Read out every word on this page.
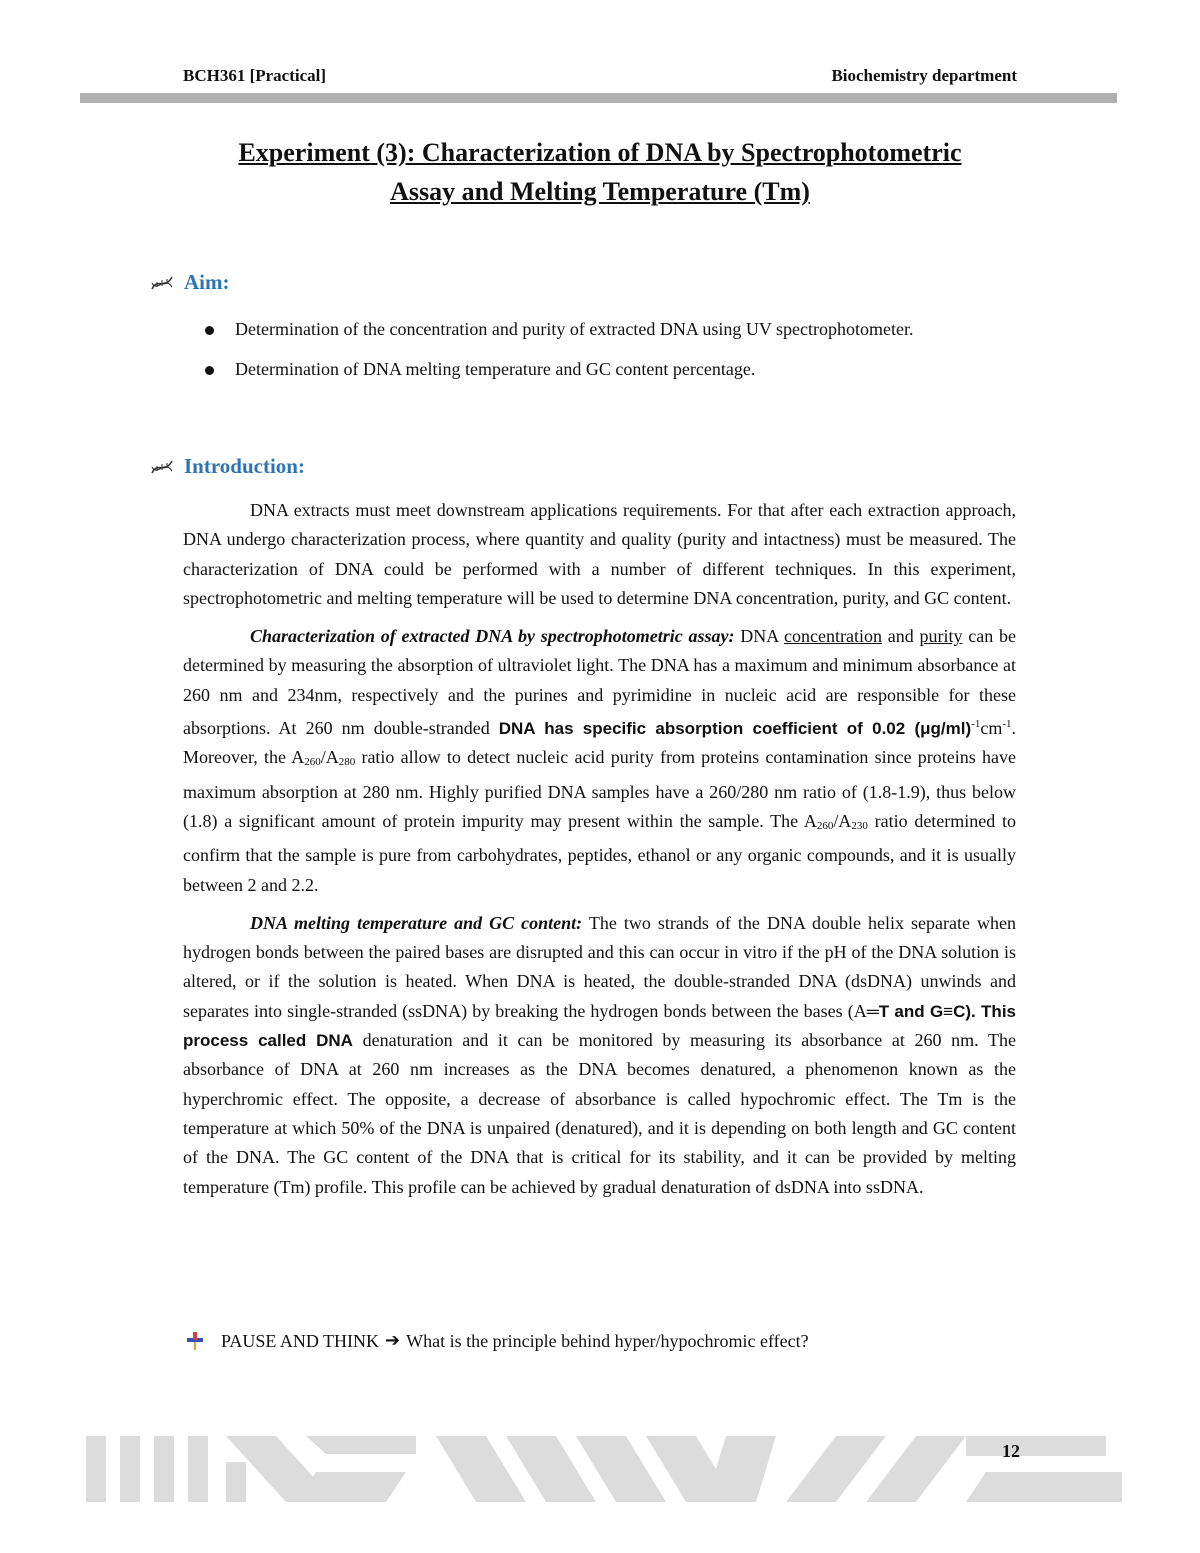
BCH361 [Practical]	Biochemistry department
Experiment (3): Characterization of DNA by Spectrophotometric
Assay and Melting Temperature (Tm)
Aim:
Determination of the concentration and purity of extracted DNA using UV spectrophotometer.
Determination of DNA melting temperature and GC content percentage.
Introduction:

DNA extracts must meet downstream applications requirements. For that after each extraction approach, DNA undergo characterization process, where quantity and quality (purity and intactness) must be measured. The characterization of DNA could be performed with a number of different techniques. In this experiment, spectrophotometric and melting temperature will be used to determine DNA concentration, purity, and GC content.

Characterization of extracted DNA by spectrophotometric assay: DNA concentration and purity can be determined by measuring the absorption of ultraviolet light. The DNA has a maximum and minimum absorbance at 260 nm and 234nm, respectively and the purines and pyrimidine in nucleic acid are responsible for these absorptions. At 260 nm double-stranded DNA has specific absorption coefficient of 0.02 $(\mu g/ml)^{-1}cm^{-1}$. Moreover, the $A_{260}/A_{280}$ ratio allow to detect nucleic acid purity from proteins contamination since proteins have maximum absorption at 280 nm. Highly purified DNA samples have a 260/280 nm ratio of (1.8-1.9), thus below (1.8) a significant amount of protein impurity may present within the sample. The $A_{260}/A_{230}$ ratio determined to confirm that the sample is pure from carbohydrates, peptides, ethanol or any organic compounds, and it is usually between 2 and 2.2.

DNA melting temperature and GC content: The two strands of the DNA double helix separate when hydrogen bonds between the paired bases are disrupted and this can occur in vitro if the pH of the DNA solution is altered, or if the solution is heated. When DNA is heated, the double-stranded DNA (dsDNA) unwinds and separates into single-stranded (ssDNA) by breaking the hydrogen bonds between the bases (A═T and G≡C). This process called DNA denaturation and it can be monitored by measuring its absorbance at 260 nm. The absorbance of DNA at 260 nm increases as the DNA becomes denatured, a phenomenon known as the hyperchromic effect. The opposite, a decrease of absorbance is called hypochromic effect. The Tm is the temperature at which 50% of the DNA is unpaired (denatured), and it is depending on both length and GC content of the DNA. The GC content of the DNA that is critical for its stability, and it can be provided by melting temperature (Tm) profile. This profile can be achieved by gradual denaturation of dsDNA into ssDNA.

PAUSE AND THINK ➔ What is the principle behind hyper/hypochromic effect?
12
